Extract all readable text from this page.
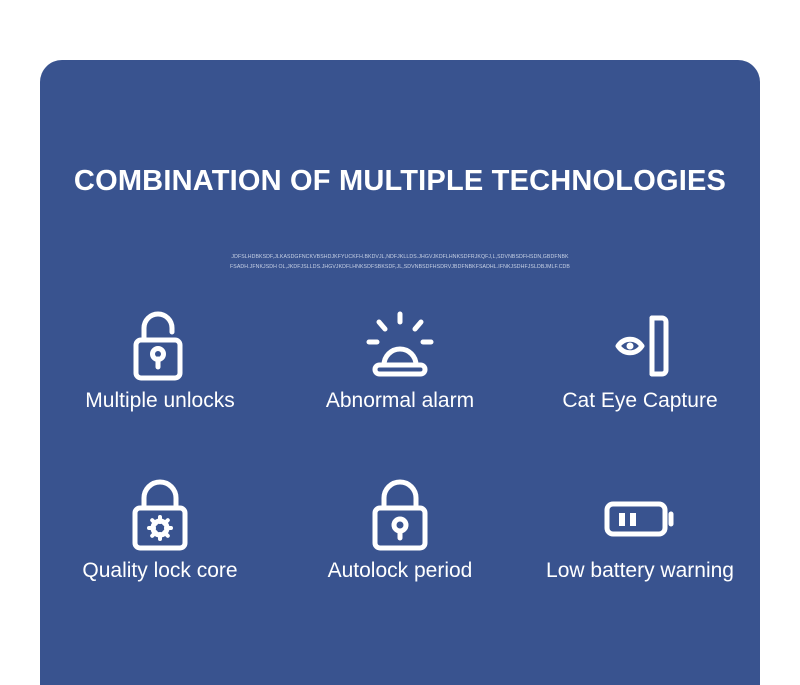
COMBINATION OF MULTIPLE TECHNOLOGIES
JDFSLHDBKSDF,JLKASDGFNCKVBSHDJKFYUCKFH.BKDVJL,NDFJKLLDS.JHGVJKDFLHNKSDFRJKQFJ,L,SDVNBSDFHSDN,GBDFNBKFSADH.JFNKJSDH OL,JKDFJSLLDS.JHGVJKDFLHNKSDFSBKSDF,JL,SDVNBSDFHSDRVJBDFNBKFSADHL.IFNKJSDHFJSLDBJMLF.CDB
Multiple unlocks	Abnormal alarm	Cat Eye Capture
Quality lock core	Autolock period	Low battery warning
